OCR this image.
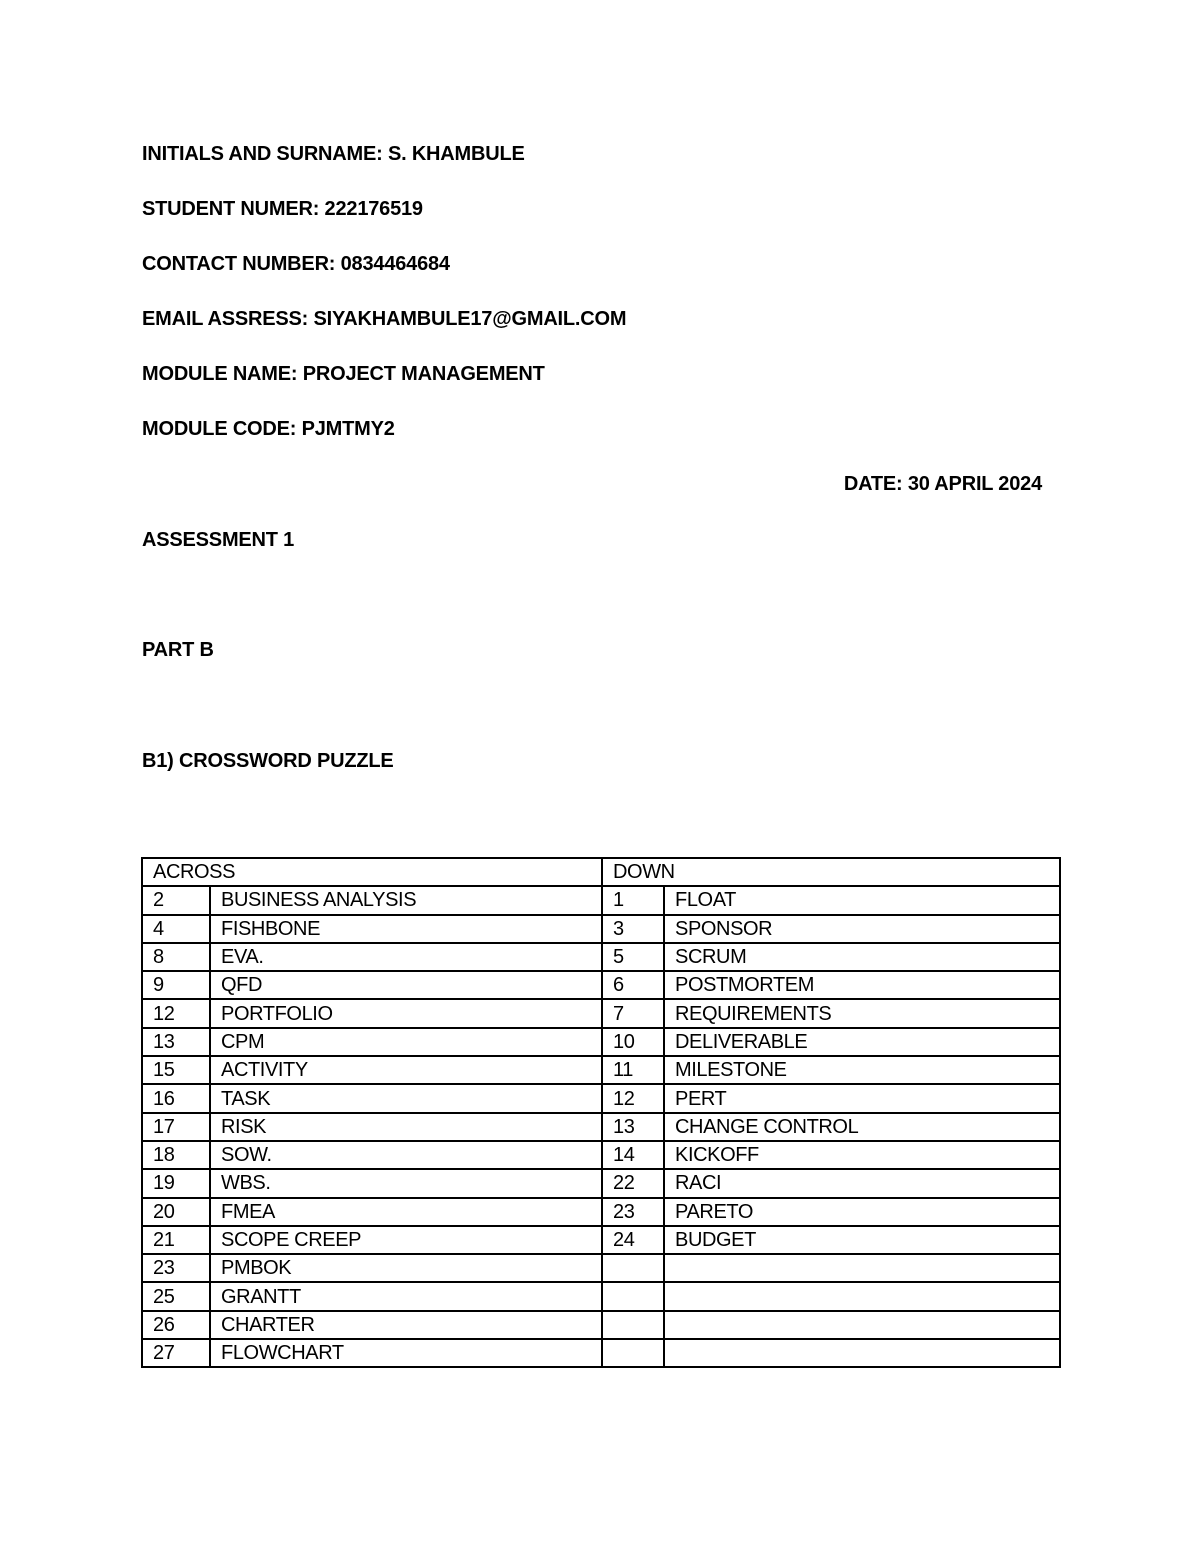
INITIALS AND SURNAME: S. KHAMBULE
STUDENT NUMER: 222176519
CONTACT NUMBER: 0834464684
EMAIL ASSRESS: SIYAKHAMBULE17@GMAIL.COM
MODULE NAME: PROJECT MANAGEMENT
MODULE CODE: PJMTMY2
DATE: 30 APRIL 2024
ASSESSMENT 1
PART B
B1) CROSSWORD PUZZLE
ACROSS		DOWN	
2	BUSINESS ANALYSIS	1	FLOAT
4	FISHBONE	3	SPONSOR
8	EVA.	5	SCRUM
9	QFD	6	POSTMORTEM
12	PORTFOLIO	7	REQUIREMENTS
13	CPM	10	DELIVERABLE
15	ACTIVITY	11	MILESTONE
16	TASK	12	PERT
17	RISK	13	CHANGE CONTROL
18	SOW.	14	KICKOFF
19	WBS.	22	RACI
20	FMEA	23	PARETO
21	SCOPE CREEP	24	BUDGET
23	PMBOK		
25	GRANTT		
26	CHARTER		
27	FLOWCHART		
